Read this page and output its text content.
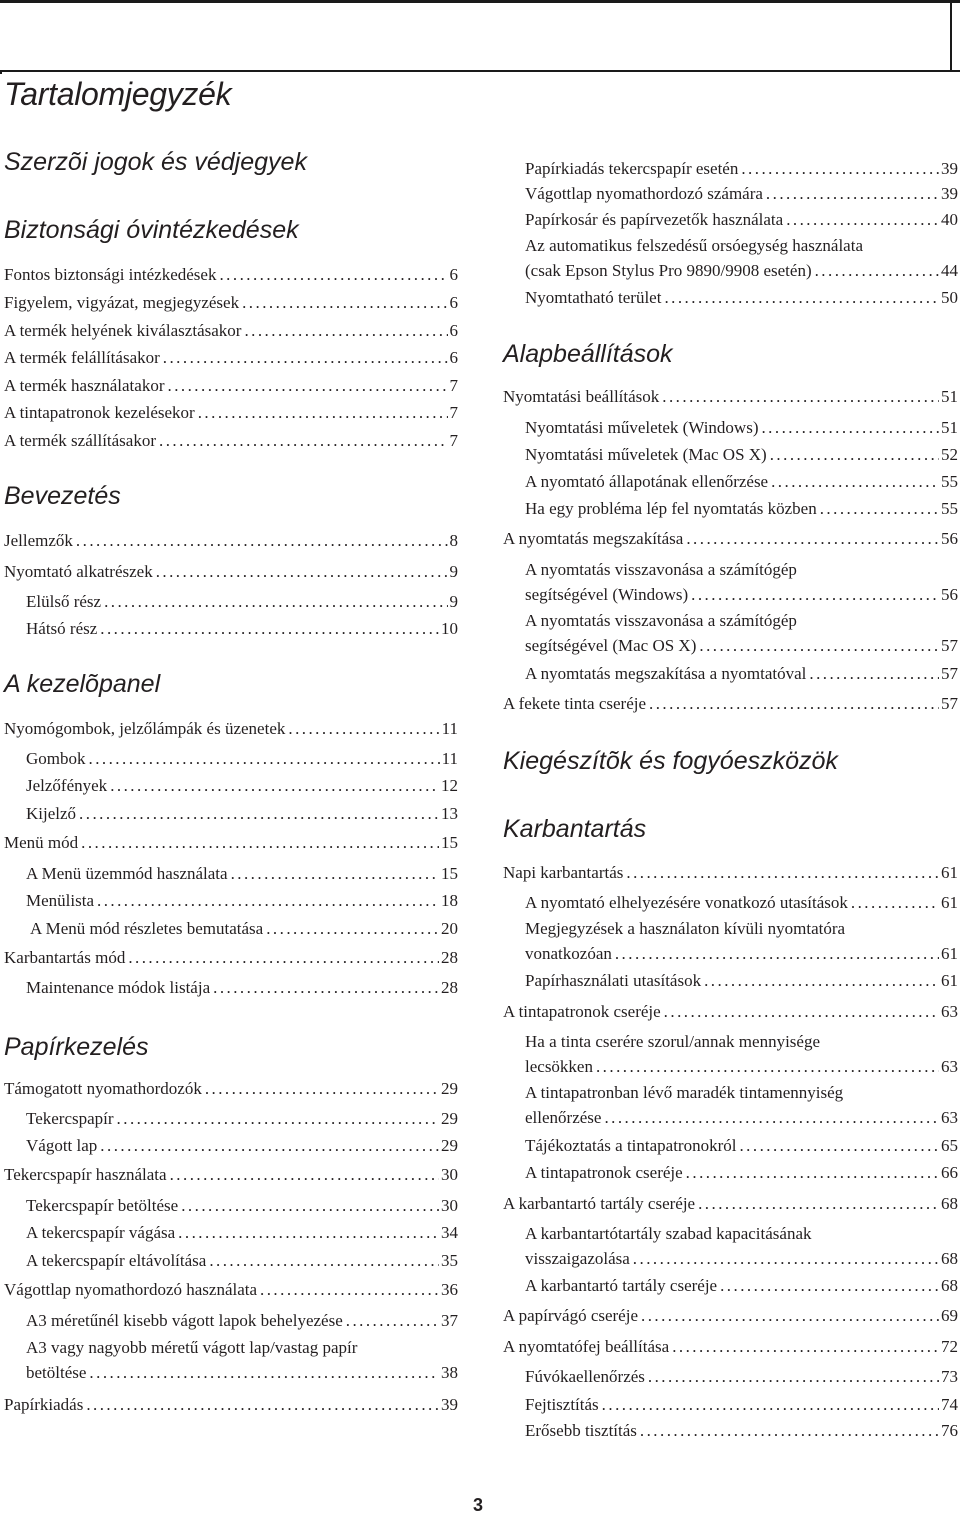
Tartalomjegyzék
Szerzõi jogok és védjegyek
Biztonsági óvintézkedések
Fontos biztonsági intézkedések . . .	6
Figyelem, vigyázat, megjegyzések . . .	6
A termék helyének kiválasztásakor . . .	6
A termék felállításakor . . .	6
A termék használatakor . . .	7
A tintapatronok kezelésekor . . .	7
A termék szállításakor . . .	7
Bevezetés
Jellemzők . . .	8
Nyomtató alkatrészek . . .	9
Elülső rész . . .	9
Hátsó rész . . .	10
A kezelõpanel
Nyomógombok, jelzőlámpák és üzenetek . . .	11
Gombok . . .	11
Jelzőfények . . .	12
Kijelző . . .	13
Menü mód . . .	15
A Menü üzemmód használata . . .	15
Menülista . . .	18
A Menü mód részletes bemutatása . . .	20
Karbantartás mód . . .	28
Maintenance módok listája . . .	28
Papírkezelés
Támogatott nyomathordozók . . .	29
Tekercspapír . . .	29
Vágott lap . . .	29
Tekercspapír használata . . .	30
Tekercspapír betöltése . . .	30
A tekercspapír vágása . . .	34
A tekercspapír eltávolítása . . .	35
Vágottlap nyomathordozó használata . . .	36
A3 méretűnél kisebb vágott lapok behelyezése . . .	37
A3 vagy nagyobb méretű vágott lap/vastag papír
betöltése . . .	38
Papírkiadás . . .	39
Papírkiadás tekercspapír esetén . . .	39
Vágottlap nyomathordozó számára . . .	39
Papírkosár és papírvezetők használata . . .	40
Az automatikus felszedésű orsóegység használata
(csak Epson Stylus Pro 9890/9908 esetén) . . .	44
Nyomtatható terület . . .	50
Alapbeállítások
Nyomtatási beállítások . . .	51
Nyomtatási műveletek (Windows) . . .	51
Nyomtatási műveletek (Mac OS X) . . .	52
A nyomtató állapotának ellenőrzése . . .	55
Ha egy probléma lép fel nyomtatás közben . . .	55
A nyomtatás megszakítása . . .	56
A nyomtatás visszavonása a számítógép
segítségével (Windows) . . .	56
A nyomtatás visszavonása a számítógép
segítségével (Mac OS X) . . .	57
A nyomtatás megszakítása a nyomtatóval . . .	57
A fekete tinta cseréje . . .	57
Kiegészítõk és fogyóeszközök
Karbantartás
Napi karbantartás . . .	61
A nyomtató elhelyezésére vonatkozó utasítások . . .	61
Megjegyzések a használaton kívüli nyomtatóra
vonatkozóan . . .	61
Papírhasználati utasítások . . .	61
A tintapatronok cseréje . . .	63
Ha a tinta cserére szorul/annak mennyisége
lecsökken . . .	63
A tintapatronban lévő maradék tintamennyiség
ellenőrzése . . .	63
Tájékoztatás a tintapatronokról . . .	65
A tintapatronok cseréje . . .	66
A karbantartó tartály cseréje . . .	68
A karbantartótartály szabad kapacitásának
visszaigazolása . . .	68
A karbantartó tartály cseréje . . .	68
A papírvágó cseréje . . .	69
A nyomtatófej beállítása . . .	72
Fúvókaellenőrzés . . .	73
Fejtisztítás . . .	74
Erősebb tisztítás . . .	76

3
